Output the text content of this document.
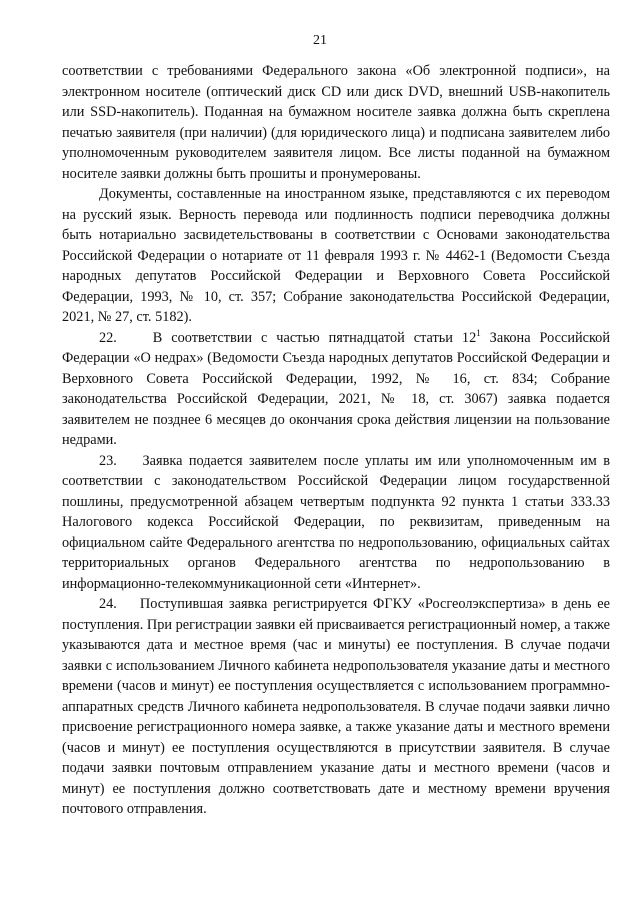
21

соответствии с требованиями Федерального закона «Об электронной подписи», на электронном носителе (оптический диск CD или диск DVD, внешний USB-накопитель или SSD-накопитель). Поданная на бумажном носителе заявка должна быть скреплена печатью заявителя (при наличии) (для юридического лица) и подписана заявителем либо уполномоченным руководителем заявителя лицом. Все листы поданной на бумажном носителе заявки должны быть прошиты и пронумерованы.

Документы, составленные на иностранном языке, представляются с их переводом на русский язык. Верность перевода или подлинность подписи переводчика должны быть нотариально засвидетельствованы в соответствии с Основами законодательства Российской Федерации о нотариате от 11 февраля 1993 г. № 4462-1 (Ведомости Съезда народных депутатов Российской Федерации и Верховного Совета Российской Федерации, 1993, № 10, ст. 357; Собрание законодательства Российской Федерации, 2021, № 27, ст. 5182).

22.    В соответствии с частью пятнадцатой статьи $12^1$ Закона Российской Федерации «О недрах» (Ведомости Съезда народных депутатов Российской Федерации и Верховного Совета Российской Федерации, 1992, № 16, ст. 834; Собрание законодательства Российской Федерации, 2021, № 18, ст. 3067) заявка подается заявителем не позднее 6 месяцев до окончания срока действия лицензии на пользование недрами.

23.    Заявка подается заявителем после уплаты им или уполномоченным им в соответствии с законодательством Российской Федерации лицом государственной пошлины, предусмотренной абзацем четвертым подпункта 92 пункта 1 статьи 333.33 Налогового кодекса Российской Федерации, по реквизитам, приведенным на официальном сайте Федерального агентства по недропользованию, официальных сайтах территориальных органов Федерального агентства по недропользованию в информационно-телекоммуникационной сети «Интернет».

24.    Поступившая заявка регистрируется ФГКУ «Росгеолэкспертиза» в день ее поступления. При регистрации заявки ей присваивается регистрационный номер, а также указываются дата и местное время (час и минуты) ее поступления. В случае подачи заявки с использованием Личного кабинета недропользователя указание даты и местного времени (часов и минут) ее поступления осуществляется с использованием программно-аппаратных средств Личного кабинета недропользователя. В случае подачи заявки лично присвоение регистрационного номера заявке, а также указание даты и местного времени (часов и минут) ее поступления осуществляются в присутствии заявителя. В случае подачи заявки почтовым отправлением указание даты и местного времени (часов и минут) ее поступления должно соответствовать дате и местному времени вручения почтового отправления.
